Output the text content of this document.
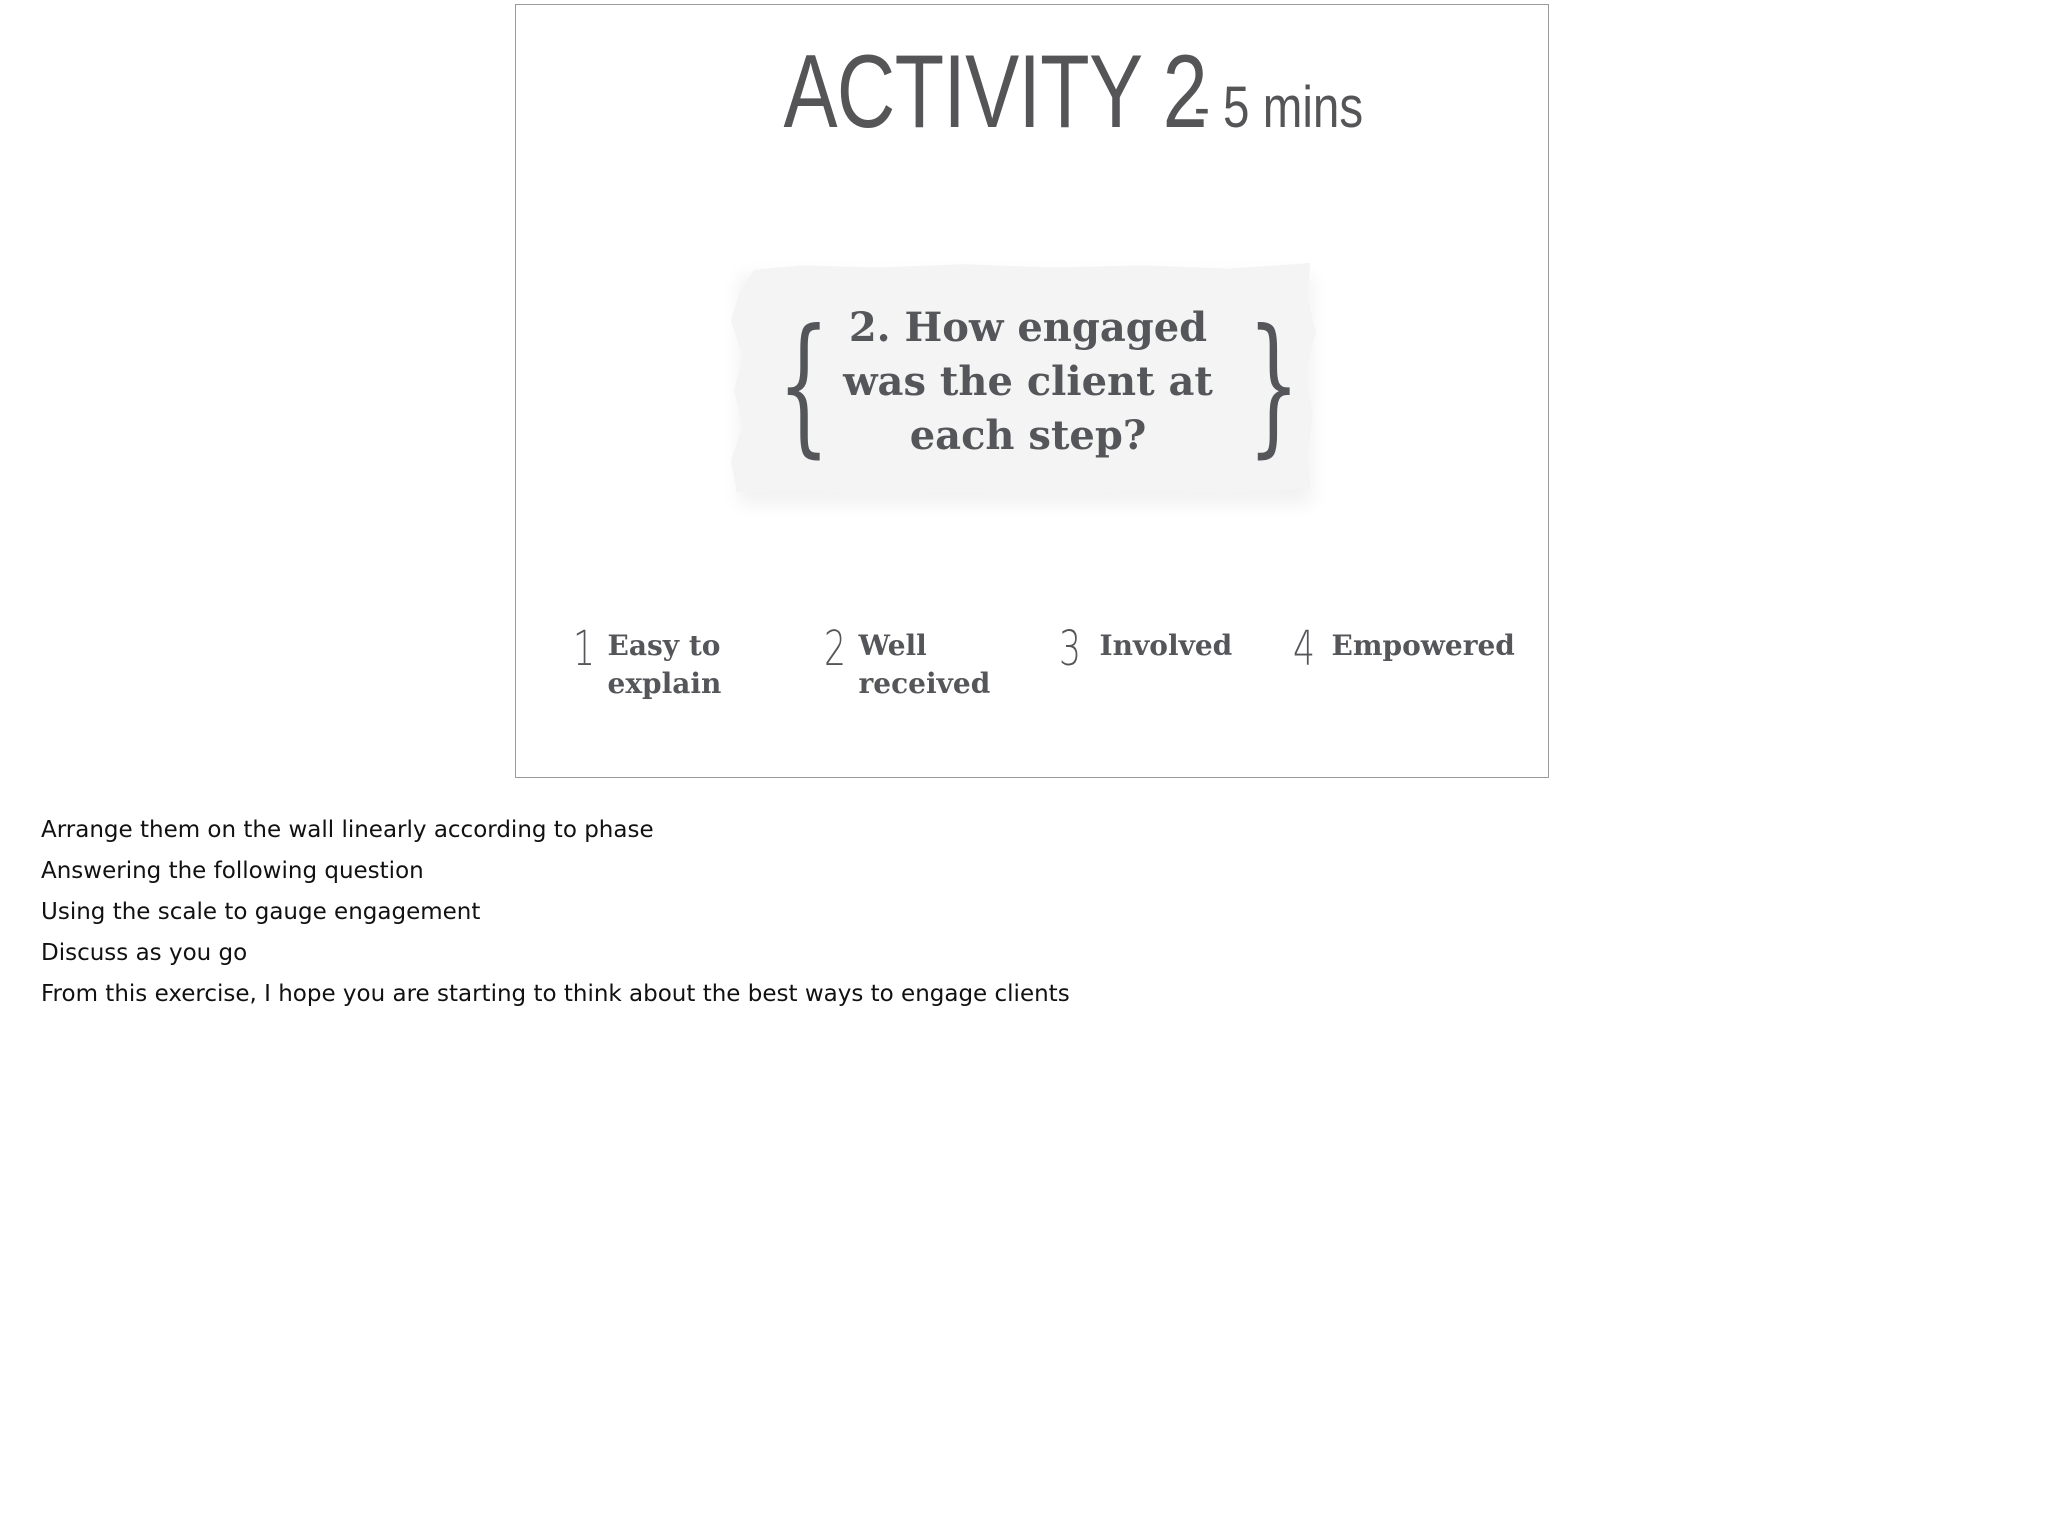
ACTIVITY 2 - 5 mins
{	}
2. How engaged was the client at each step?
1 Easy to
explain
2 Well
received
3 Involved 4 Empowered
Arrange them on the wall linearly according to phase
Answering the following question
Using the scale to gauge engagement
Discuss as you go
From this exercise, I hope you are starting to think about the best ways to engage clients
